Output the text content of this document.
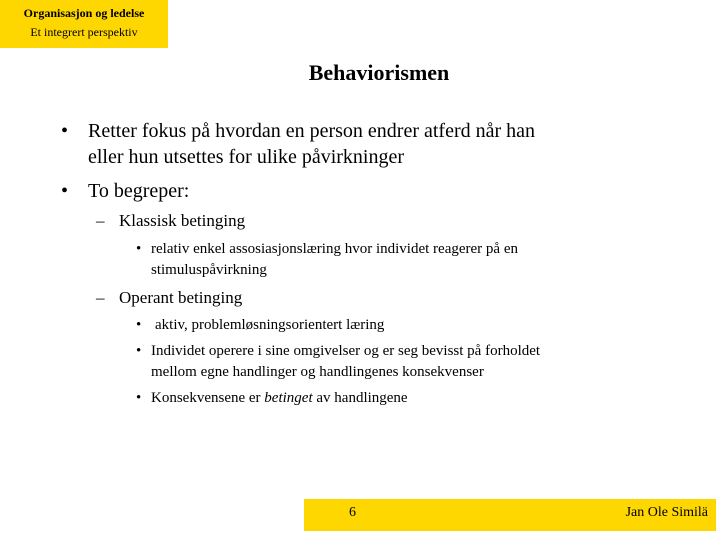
Organisasjon og ledelse
Et integrert perspektiv
Behaviorismen
• Retter fokus på hvordan en person endrer atferd når han
eller hun utsettes for ulike påvirkninger
• To begreper:
– Klassisk betinging
• relativ enkel assosiasjonslæring hvor individet reagerer på en
stimuluspåvirkning
– Operant betinging
• aktiv, problemløsningsorientert læring
• Individet operere i sine omgivelser og er seg bevisst på forholdet
mellom egne handlinger og handlingenes konsekvenser
• Konsekvensene er betinget av handlingene
6	Jan Ole Similä
